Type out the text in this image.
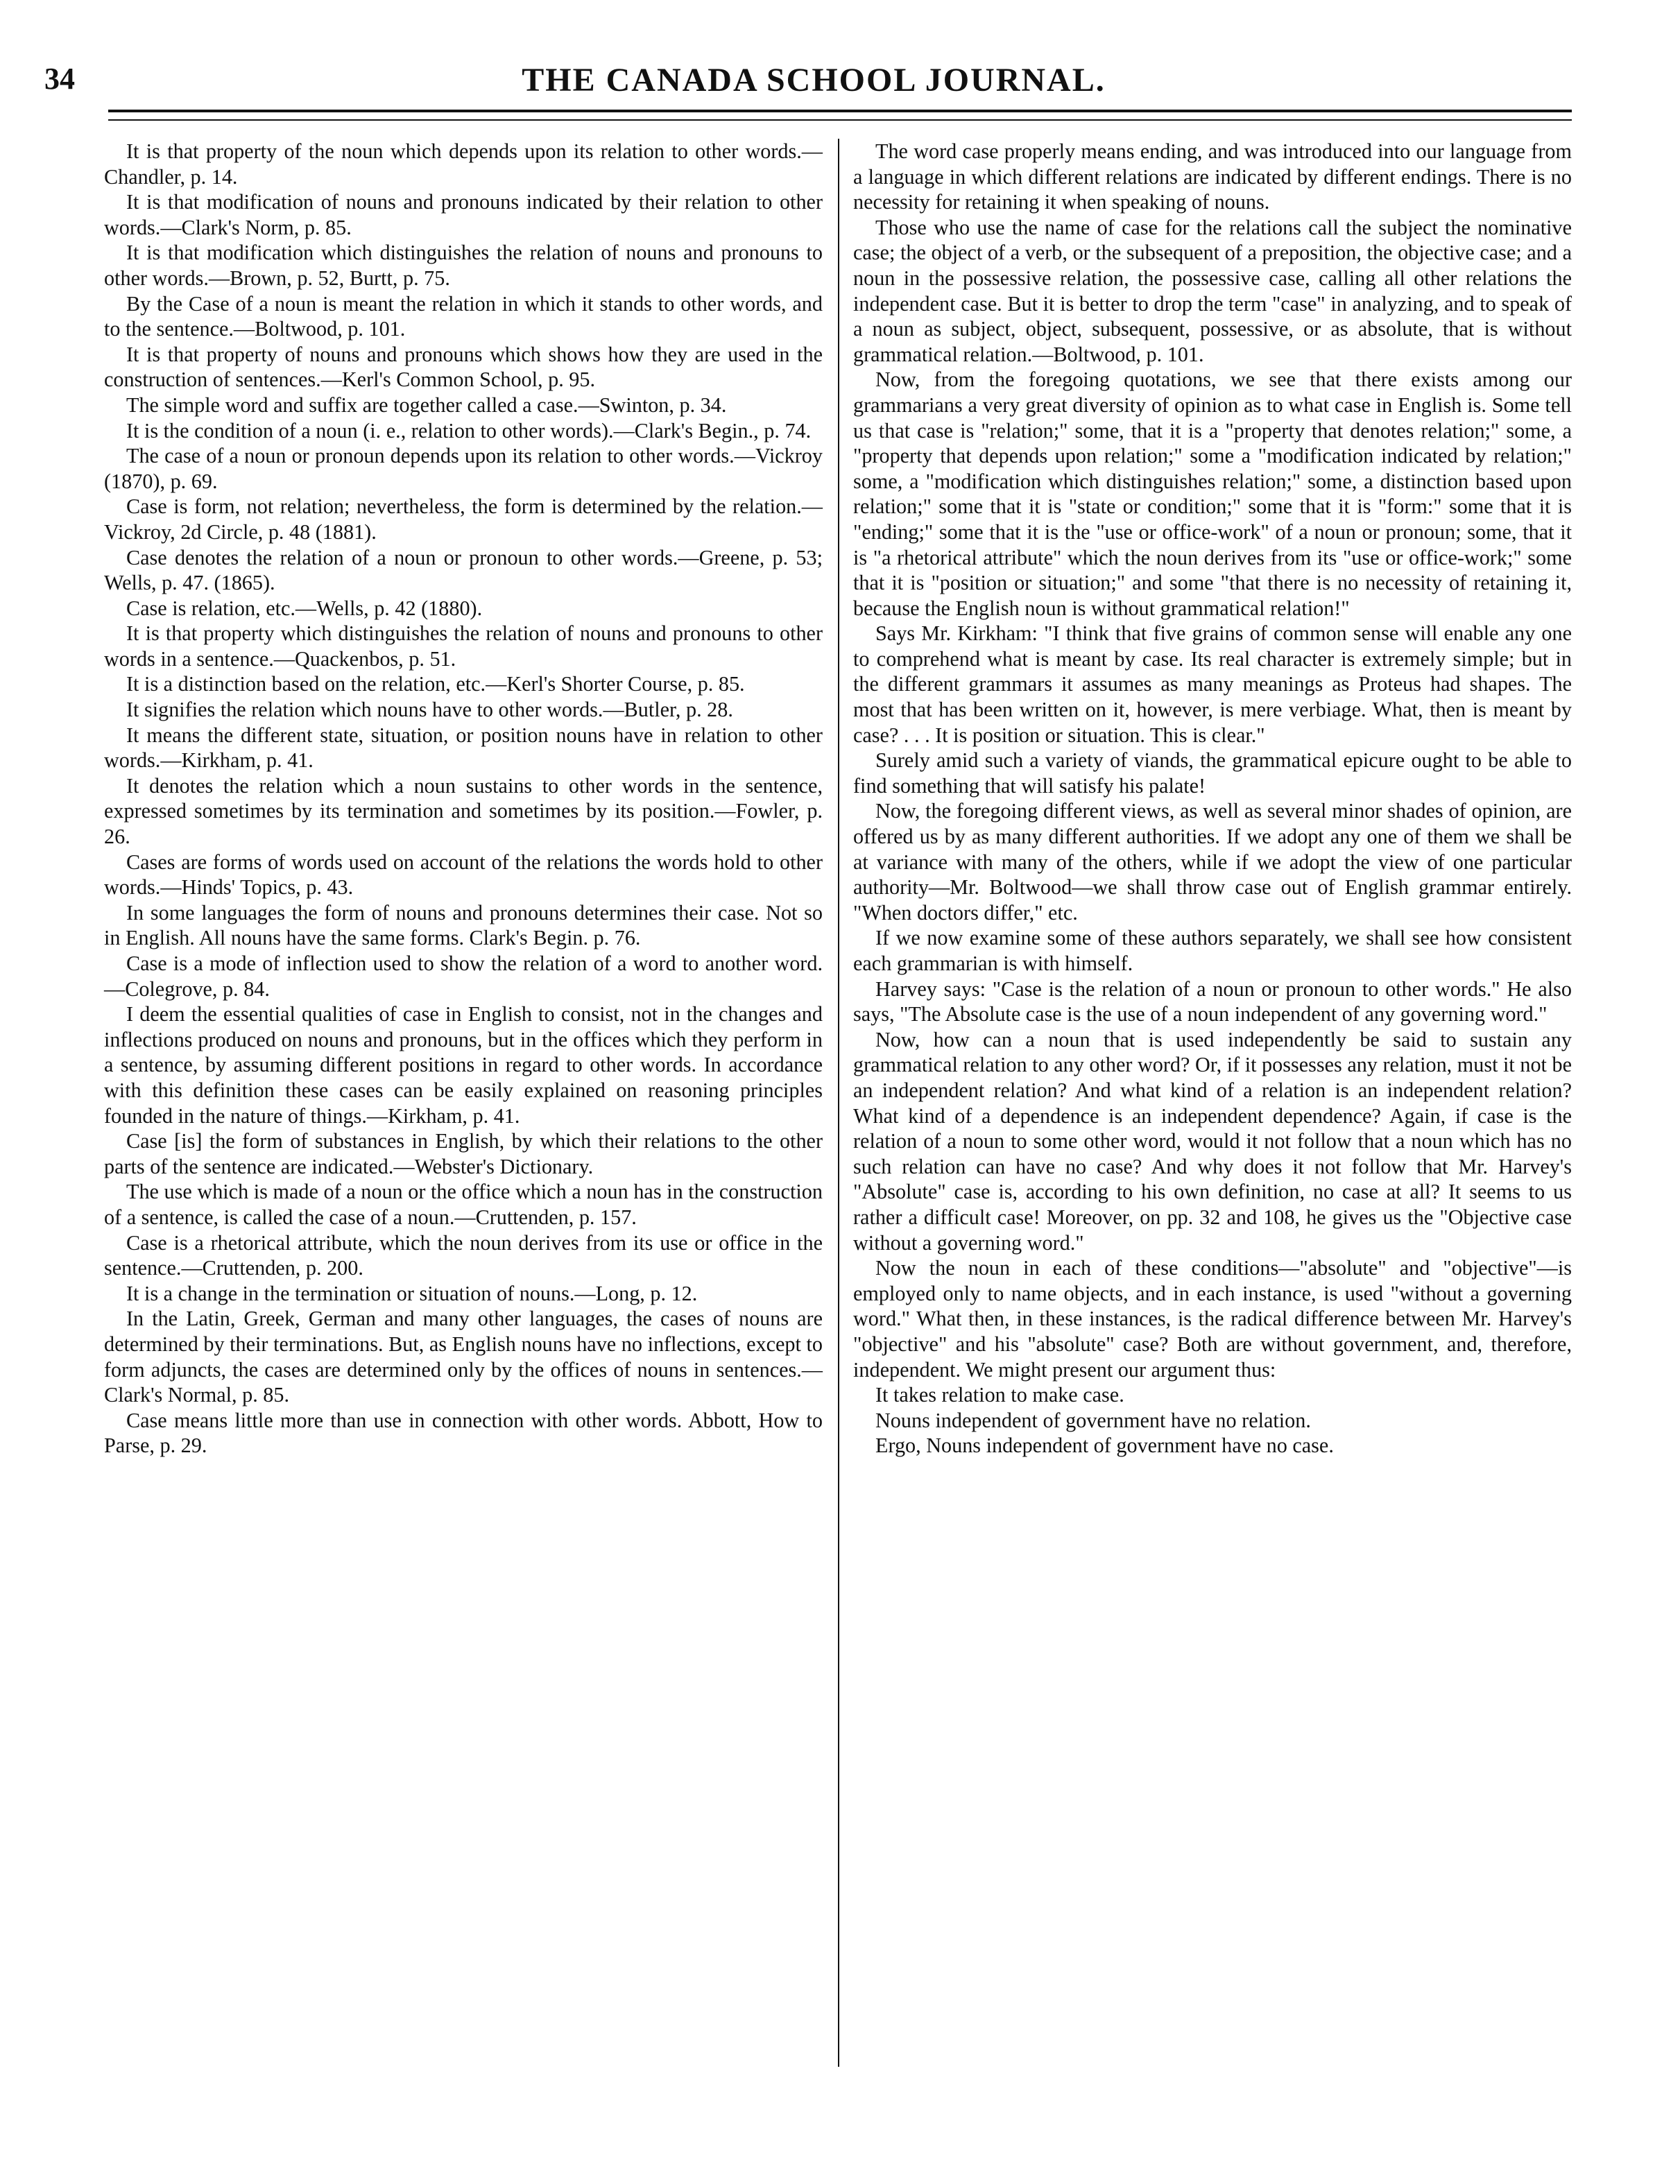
34	THE CANADA SCHOOL JOURNAL.

It is that property of the noun which depends upon its relation to other words.—Chandler, p. 14.

It is that modification of nouns and pronouns indicated by their relation to other words.—Clark's Norm, p. 85.

It is that modification which distinguishes the relation of nouns and pronouns to other words.—Brown, p. 52, Burtt, p. 75.

By the Case of a noun is meant the relation in which it stands to other words, and to the sentence.—Boltwood, p. 101.

It is that property of nouns and pronouns which shows how they are used in the construction of sentences.—Kerl's Common School, p. 95.

The simple word and suffix are together called a case.—Swinton, p. 34.

It is the condition of a noun (i. e., relation to other words).—Clark's Begin., p. 74.

The case of a noun or pronoun depends upon its relation to other words.—Vickroy (1870), p. 69.

Case is form, not relation; nevertheless, the form is determined by the relation.—Vickroy, 2d Circle, p. 48 (1881).

Case denotes the relation of a noun or pronoun to other words.—Greene, p. 53; Wells, p. 47. (1865).

Case is relation, etc.—Wells, p. 42 (1880).

It is that property which distinguishes the relation of nouns and pronouns to other words in a sentence.—Quackenbos, p. 51.

It is a distinction based on the relation, etc.—Kerl's Shorter Course, p. 85.

It signifies the relation which nouns have to other words.—Butler, p. 28.

It means the different state, situation, or position nouns have in relation to other words.—Kirkham, p. 41.

It denotes the relation which a noun sustains to other words in the sentence, expressed sometimes by its termination and sometimes by its position.—Fowler, p. 26.

Cases are forms of words used on account of the relations the words hold to other words.—Hinds' Topics, p. 43.

In some languages the form of nouns and pronouns determines their case. Not so in English. All nouns have the same forms. Clark's Begin. p. 76.

Case is a mode of inflection used to show the relation of a word to another word.—Colegrove, p. 84.

I deem the essential qualities of case in English to consist, not in the changes and inflections produced on nouns and pronouns, but in the offices which they perform in a sentence, by assuming different positions in regard to other words. In accordance with this definition these cases can be easily explained on reasoning principles founded in the nature of things.—Kirkham, p. 41.

Case [is] the form of substances in English, by which their relations to the other parts of the sentence are indicated.—Webster's Dictionary.

The use which is made of a noun or the office which a noun has in the construction of a sentence, is called the case of a noun.—Cruttenden, p. 157.

Case is a rhetorical attribute, which the noun derives from its use or office in the sentence.—Cruttenden, p. 200.

It is a change in the termination or situation of nouns.—Long, p. 12.

In the Latin, Greek, German and many other languages, the cases of nouns are determined by their terminations. But, as English nouns have no inflections, except to form adjuncts, the cases are determined only by the offices of nouns in sentences.—Clark's Normal, p. 85.

Case means little more than use in connection with other words. Abbott, How to Parse, p. 29.

The word case properly means ending, and was introduced into our language from a language in which different relations are indicated by different endings. There is no necessity for retaining it when speaking of nouns.

Those who use the name of case for the relations call the subject the nominative case; the object of a verb, or the subsequent of a preposition, the objective case; and a noun in the possessive relation, the possessive case, calling all other relations the independent case. But it is better to drop the term "case" in analyzing, and to speak of a noun as subject, object, subsequent, possessive, or as absolute, that is without grammatical relation.—Boltwood, p. 101.

Now, from the foregoing quotations, we see that there exists among our grammarians a very great diversity of opinion as to what case in English is. Some tell us that case is "relation;" some, that it is a "property that denotes relation;" some, a "property that depends upon relation;" some a "modification indicated by relation;" some, a "modification which distinguishes relation;" some, a distinction based upon relation;" some that it is "state or condition;" some that it is "form:" some that it is "ending;" some that it is the "use or office-work" of a noun or pronoun; some, that it is "a rhetorical attribute" which the noun derives from its "use or office-work;" some that it is "position or situation;" and some "that there is no necessity of retaining it, because the English noun is without grammatical relation!"

Says Mr. Kirkham: "I think that five grains of common sense will enable any one to comprehend what is meant by case. Its real character is extremely simple; but in the different grammars it assumes as many meanings as Proteus had shapes. The most that has been written on it, however, is mere verbiage. What, then is meant by case? . . . It is position or situation. This is clear."

Surely amid such a variety of viands, the grammatical epicure ought to be able to find something that will satisfy his palate!

Now, the foregoing different views, as well as several minor shades of opinion, are offered us by as many different authorities. If we adopt any one of them we shall be at variance with many of the others, while if we adopt the view of one particular authority—Mr. Boltwood—we shall throw case out of English grammar entirely. "When doctors differ," etc.

If we now examine some of these authors separately, we shall see how consistent each grammarian is with himself.

Harvey says: "Case is the relation of a noun or pronoun to other words." He also says, "The Absolute case is the use of a noun independent of any governing word."

Now, how can a noun that is used independently be said to sustain any grammatical relation to any other word? Or, if it possesses any relation, must it not be an independent relation? And what kind of a relation is an independent relation? What kind of a dependence is an independent dependence? Again, if case is the relation of a noun to some other word, would it not follow that a noun which has no such relation can have no case? And why does it not follow that Mr. Harvey's "Absolute" case is, according to his own definition, no case at all? It seems to us rather a difficult case! Moreover, on pp. 32 and 108, he gives us the "Objective case without a governing word."

Now the noun in each of these conditions—"absolute" and "objective"—is employed only to name objects, and in each instance, is used "without a governing word." What then, in these instances, is the radical difference between Mr. Harvey's "objective" and his "absolute" case? Both are without government, and, therefore, independent. We might present our argument thus:

It takes relation to make case.

Nouns independent of government have no relation.

Ergo, Nouns independent of government have no case.
